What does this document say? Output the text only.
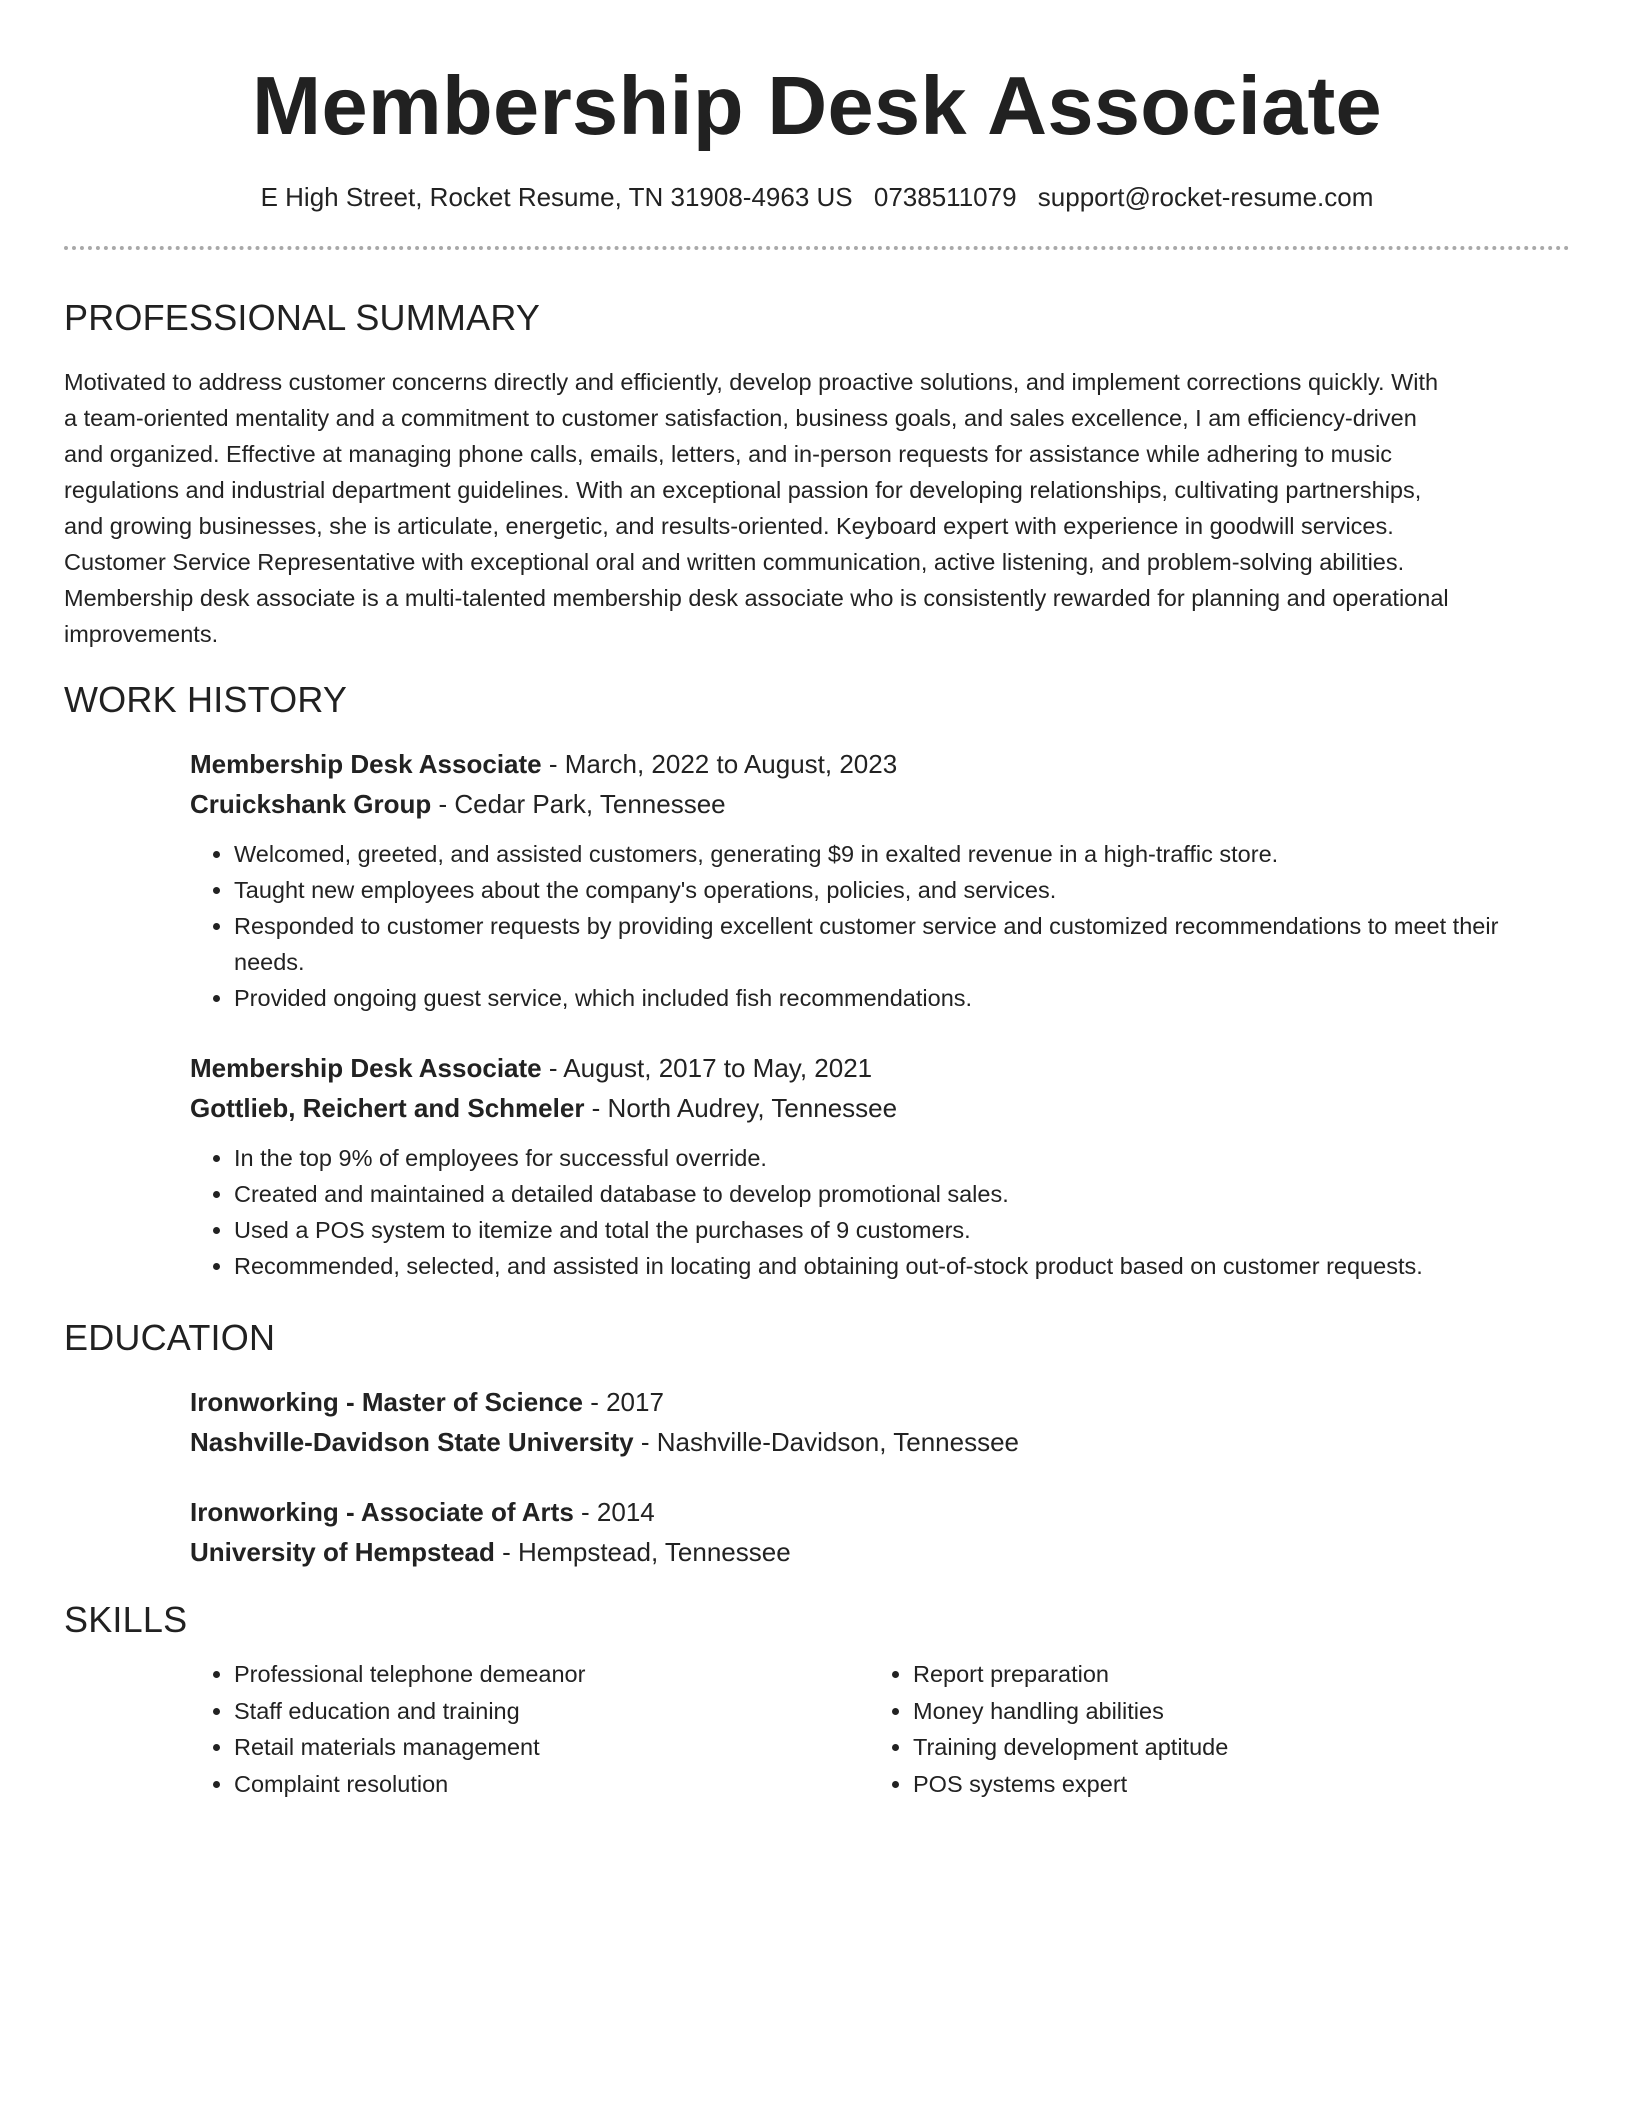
Membership Desk Associate
E High Street, Rocket Resume, TN 31908-4963 US 0738511079 support@rocket-resume.com
PROFESSIONAL SUMMARY

Motivated to address customer concerns directly and efficiently, develop proactive solutions, and implement corrections quickly. With a team-oriented mentality and a commitment to customer satisfaction, business goals, and sales excellence, I am efficiency-driven and organized. Effective at managing phone calls, emails, letters, and in-person requests for assistance while adhering to music regulations and industrial department guidelines. With an exceptional passion for developing relationships, cultivating partnerships, and growing businesses, she is articulate, energetic, and results-oriented. Keyboard expert with experience in goodwill services. Customer Service Representative with exceptional oral and written communication, active listening, and problem-solving abilities. Membership desk associate is a multi-talented membership desk associate who is consistently rewarded for planning and operational improvements.

WORK HISTORY
Membership Desk Associate - March, 2022 to August, 2023
Cruickshank Group - Cedar Park, Tennessee
• Welcomed, greeted, and assisted customers, generating $9 in exalted revenue in a high-traffic store.
• Taught new employees about the company's operations, policies, and services.
• Responded to customer requests by providing excellent customer service and customized recommendations to meet their needs.
• Provided ongoing guest service, which included fish recommendations.
Membership Desk Associate - August, 2017 to May, 2021
Gottlieb, Reichert and Schmeler - North Audrey, Tennessee
• In the top 9% of employees for successful override.
• Created and maintained a detailed database to develop promotional sales.
• Used a POS system to itemize and total the purchases of 9 customers.
• Recommended, selected, and assisted in locating and obtaining out-of-stock product based on customer requests.
EDUCATION
Ironworking - Master of Science - 2017
Nashville-Davidson State University - Nashville-Davidson, Tennessee
Ironworking - Associate of Arts - 2014
University of Hempstead - Hempstead, Tennessee
SKILLS
• Professional telephone demeanor
• Staff education and training
• Retail materials management
• Complaint resolution
• Report preparation
• Money handling abilities
• Training development aptitude
• POS systems expert
